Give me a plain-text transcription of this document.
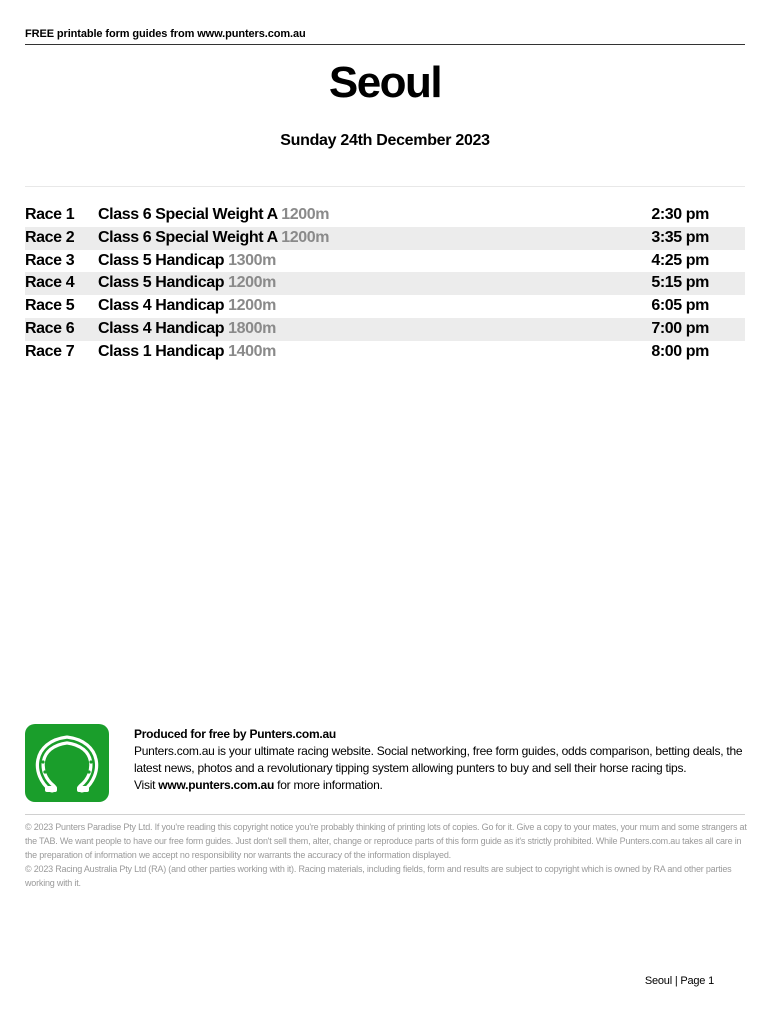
FREE printable form guides from www.punters.com.au
Seoul
Sunday 24th December 2023
Race 1 Class 6 Special Weight A 1200m	2:30 pm
Race 2 Class 6 Special Weight A 1200m	3:35 pm
Race 3 Class 5 Handicap 1300m	4:25 pm
Race 4 Class 5 Handicap 1200m	5:15 pm
Race 5 Class 4 Handicap 1200m	6:05 pm
Race 6 Class 4 Handicap 1800m	7:00 pm
Race 7 Class 1 Handicap 1400m	8:00 pm
Produced for free by Punters.com.au
Punters.com.au is your ultimate racing website. Social networking, free form guides, odds comparison, betting deals, the latest news, photos and a revolutionary tipping system allowing punters to buy and sell their horse racing tips.
Visit www.punters.com.au for more information.
© 2023 Punters Paradise Pty Ltd. If you're reading this copyright notice you're probably thinking of printing lots of copies. Go for it. Give a copy to your mates, your mum and some strangers at the TAB. We want people to have our free form guides. Just don't sell them, alter, change or reproduce parts of this form guide as it's strictly prohibited. While Punters.com.au takes all care in the preparation of information we accept no responsibility nor warrants the accuracy of the information displayed.
© 2023 Racing Australia Pty Ltd (RA) (and other parties working with it). Racing materials, including fields, form and results are subject to copyright which is owned by RA and other parties working with it.
Seoul | Page 1
